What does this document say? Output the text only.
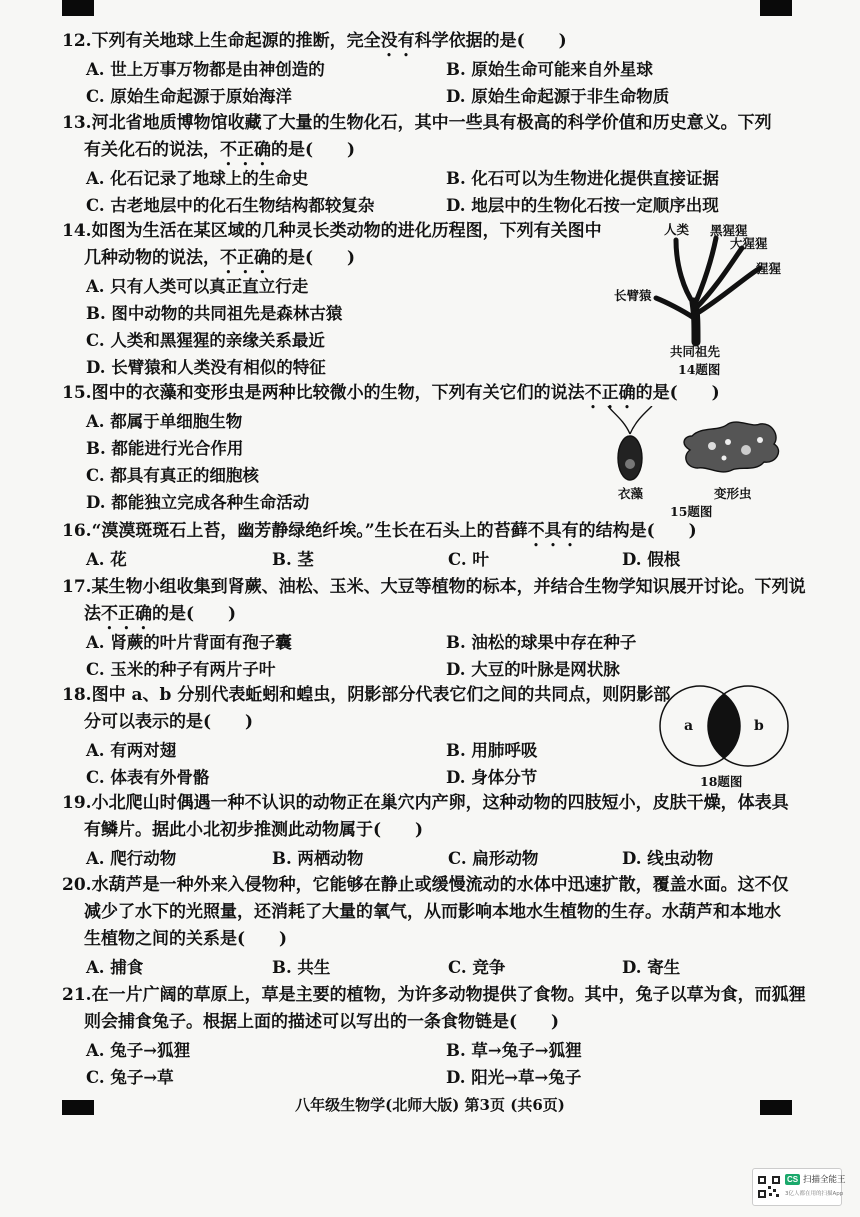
12.下列有关地球上生命起源的推断，完全没有科学依据的是(　　)
A. 世上万事万物都是由神创造的	B. 原始生命可能来自外星球
C. 原始生命起源于原始海洋	D. 原始生命起源于非生命物质
13.河北省地质博物馆收藏了大量的生物化石，其中一些具有极高的科学价值和历史意义。下列
有关化石的说法，不正确的是(　　)
A. 化石记录了地球上的生命史	B. 化石可以为生物进化提供直接证据
C. 古老地层中的化石生物结构都较复杂	D. 地层中的生物化石按一定顺序出现
14.如图为生活在某区域的几种灵长类动物的进化历程图，下列有关图中
几种动物的说法，不正确的是(　　)
A. 只有人类可以真正直立行走
B. 图中动物的共同祖先是森林古猿
C. 人类和黑猩猩的亲缘关系最近
D. 长臂猿和人类没有相似的特征
人类 黑猩猩
大猩猩
猩猩
长臂猿
共同祖先
14题图
15.图中的衣藻和变形虫是两种比较微小的生物，下列有关它们的说法不正确的是(　　)
A. 都属于单细胞生物
B. 都能进行光合作用
C. 都具有真正的细胞核
D. 都能独立完成各种生命活动	衣藻	变形虫
15题图
16.“漠漠斑斑石上苔，幽芳静绿绝纤埃。”生长在石头上的苔藓不具有的结构是(　　)
A. 花	B. 茎	C. 叶	D. 假根
17.某生物小组收集到肾蕨、油松、玉米、大豆等植物的标本，并结合生物学知识展开讨论。下列说
法不正确的是(　　)
A. 肾蕨的叶片背面有孢子囊	B. 油松的球果中存在种子
C. 玉米的种子有两片子叶	D. 大豆的叶脉是网状脉
18.图中 a、b 分别代表蚯蚓和蝗虫，阴影部分代表它们之间的共同点，则阴影部
分可以表示的是(　　)
A. 有两对翅	B. 用肺呼吸
C. 体表有外骨骼	D. 身体分节
a	b
18题图
19.小北爬山时偶遇一种不认识的动物正在巢穴内产卵，这种动物的四肢短小，皮肤干燥，体表具
有鳞片。据此小北初步推测此动物属于(　　)
A. 爬行动物	B. 两栖动物	C. 扁形动物	D. 线虫动物
20.水葫芦是一种外来入侵物种，它能够在静止或缓慢流动的水体中迅速扩散，覆盖水面。这不仅
减少了水下的光照量，还消耗了大量的氧气，从而影响本地水生植物的生存。水葫芦和本地水
生植物之间的关系是(　　)
A. 捕食	B. 共生	C. 竞争	D. 寄生
21.在一片广阔的草原上，草是主要的植物，为许多动物提供了食物。其中，兔子以草为食，而狐狸
则会捕食兔子。根据上面的描述可以写出的一条食物链是(　　)
A. 兔子→狐狸	B. 草→兔子→狐狸
C. 兔子→草	D. 阳光→草→兔子
八年级生物学(北师大版) 第3页 (共6页)
CS 扫描全能王
3亿人都在用的扫描App
